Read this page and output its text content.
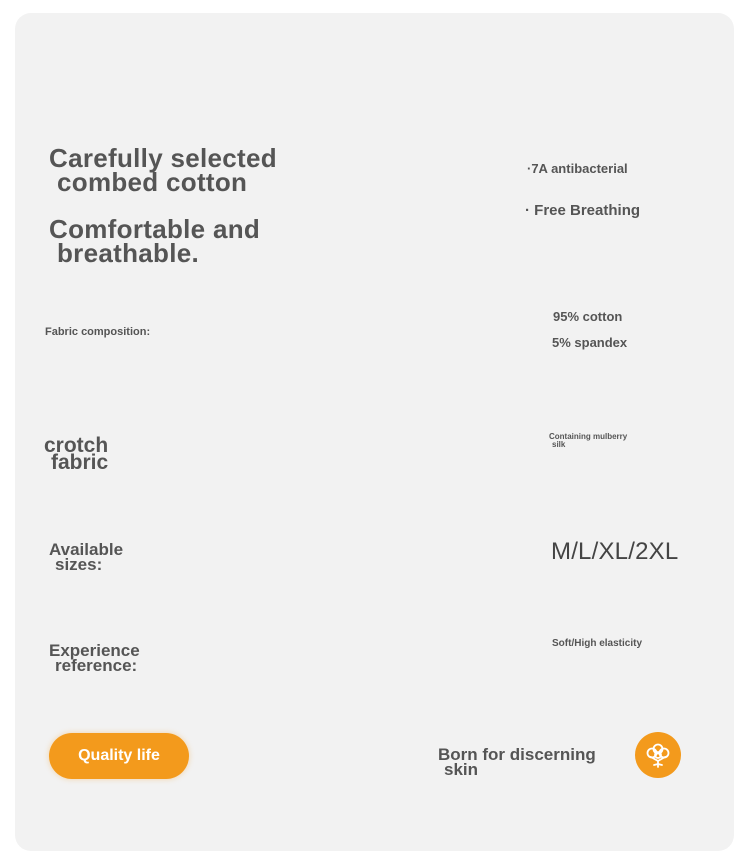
Carefully selected
combed cotton
Comfortable and
breathable.
·7A antibacterial
· Free Breathing
Fabric composition:
95% cotton
5% spandex
crotch
fabric
Containing mulberry
silk
Available
sizes:	M/L/XL/2XL
Experience
reference:
Soft/High elasticity
Quality life	Born for discerning
skin
